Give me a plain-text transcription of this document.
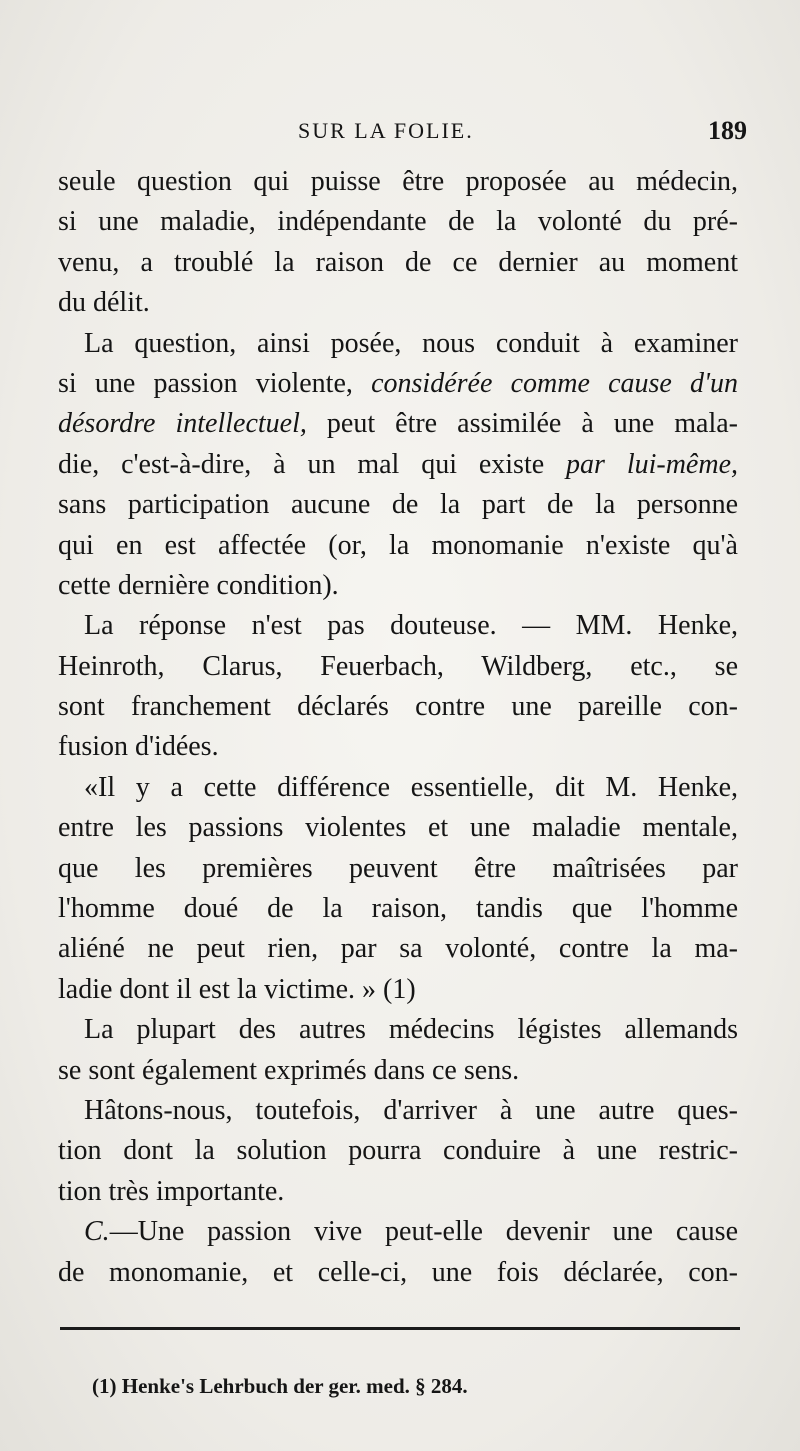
SUR LA FOLIE.	189
seule question qui puisse être proposée au médecin,
si une maladie, indépendante de la volonté du pré-
venu, a troublé la raison de ce dernier au moment
du délit.
La question, ainsi posée, nous conduit à examiner
si une passion violente, considérée comme cause d'un
désordre intellectuel, peut être assimilée à une mala-
die, c'est-à-dire, à un mal qui existe par lui-même,
sans participation aucune de la part de la personne
qui en est affectée (or, la monomanie n'existe qu'à
cette dernière condition).
La réponse n'est pas douteuse. — MM. Henke,
Heinroth, Clarus, Feuerbach, Wildberg, etc., se
sont franchement déclarés contre une pareille con-
fusion d'idées.
«Il y a cette différence essentielle, dit M. Henke,
entre les passions violentes et une maladie mentale,
que les premières peuvent être maîtrisées par
l'homme doué de la raison, tandis que l'homme
aliéné ne peut rien, par sa volonté, contre la ma-
ladie dont il est la victime. » (1)
La plupart des autres médecins légistes allemands
se sont également exprimés dans ce sens.
Hâtons-nous, toutefois, d'arriver à une autre ques-
tion dont la solution pourra conduire à une restric-
tion très importante.
C.—Une passion vive peut-elle devenir une cause
de monomanie, et celle-ci, une fois déclarée, con-
(1) Henke's Lehrbuch der ger. med. § 284.
